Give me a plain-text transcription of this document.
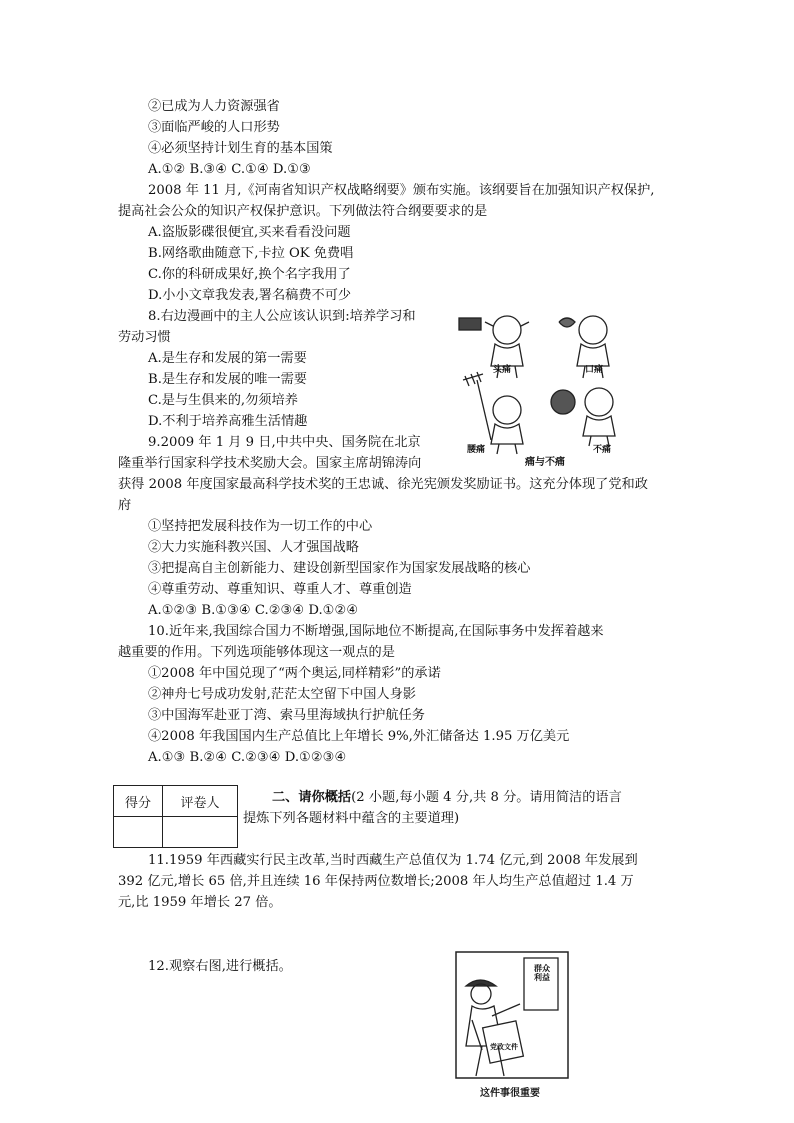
②已成为人力资源强省
③面临严峻的人口形势
④必须坚持计划生育的基本国策
A.①② B.③④ C.①④ D.①③
2008 年 11 月,《河南省知识产权战略纲要》颁布实施。该纲要旨在加强知识产权保护,
提高社会公众的知识产权保护意识。下列做法符合纲要要求的是
A.盗版影碟很便宜,买来看看没问题
B.网络歌曲随意下,卡拉 OK 免费唱
C.你的科研成果好,换个名字我用了
D.小小文章我发表,署名稿费不可少
8.右边漫画中的主人公应该认识到:培养学习和
劳动习惯
A.是生存和发展的第一需要
B.是生存和发展的唯一需要
C.是与生俱来的,勿须培养
D.不利于培养高雅生活情趣
9.2009 年 1 月 9 日,中共中央、国务院在北京
隆重举行国家科学技术奖励大会。国家主席胡锦涛向
获得 2008 年度国家最高科学技术奖的王忠诚、徐光宪颁发奖励证书。这充分体现了党和政
府
①坚持把发展科技作为一切工作的中心
②大力实施科教兴国、人才强国战略
③把提高自主创新能力、建设创新型国家作为国家发展战略的核心
④尊重劳动、尊重知识、尊重人才、尊重创造
A.①②③ B.①③④ C.②③④ D.①②④
10.近年来,我国综合国力不断增强,国际地位不断提高,在国际事务中发挥着越来
越重要的作用。下列选项能够体现这一观点的是
①2008 年中国兑现了“两个奥运,同样精彩”的承诺
②神舟七号成功发射,茫茫太空留下中国人身影
③中国海军赴亚丁湾、索马里海域执行护航任务
④2008 年我国国内生产总值比上年增长 9%,外汇储备达 1.95 万亿美元
A.①③ B.②④ C.②③④ D.①②③④
得分	评卷人
		二、请你概括(2 小题,每小题 4 分,共 8 分。请用简洁的语言
提炼下列各题材料中蕴含的主要道理)
11.1959 年西藏实行民主改革,当时西藏生产总值仅为 1.74 亿元,到 2008 年发展到
392 亿元,增长 65 倍,并且连续 16 年保持两位数增长;2008 年人均生产总值超过 1.4 万
元,比 1959 年增长 27 倍。
12.观察右图,进行概括。
头痛	口痛
腰痛	不痛
痛与不痛
群众利益
党政文件
这件事很重要
